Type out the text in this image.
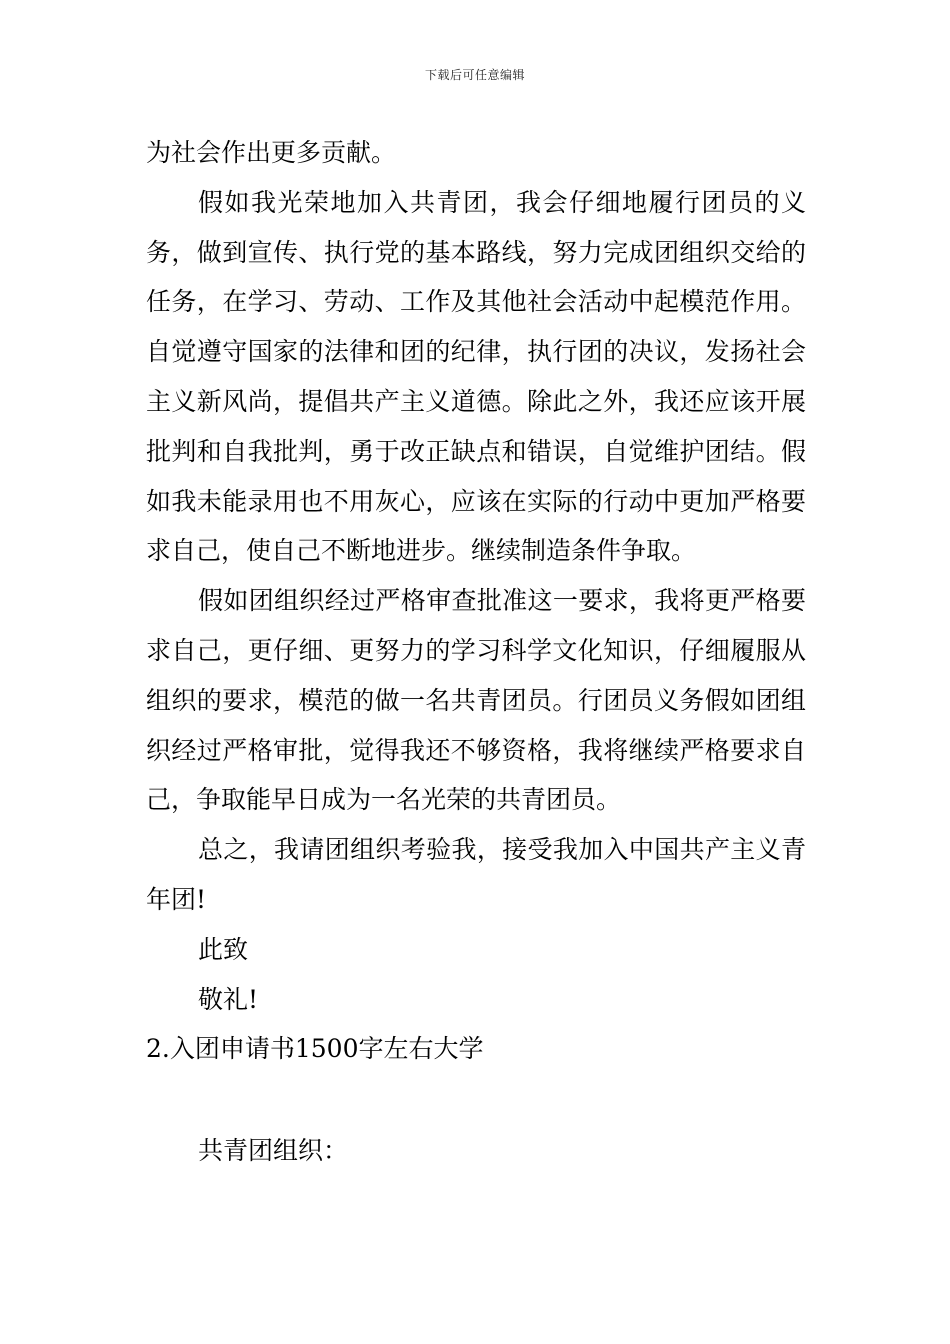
下载后可任意编辑

为社会作出更多贡献。

假如我光荣地加入共青团，我会仔细地履行团员的义务，做到宣传、执行党的基本路线，努力完成团组织交给的任务，在学习、劳动、工作及其他社会活动中起模范作用。自觉遵守国家的法律和团的纪律，执行团的决议，发扬社会主义新风尚，提倡共产主义道德。除此之外，我还应该开展批判和自我批判，勇于改正缺点和错误，自觉维护团结。假如我未能录用也不用灰心，应该在实际的行动中更加严格要求自己，使自己不断地进步。继续制造条件争取。

假如团组织经过严格审查批准这一要求，我将更严格要求自己，更仔细、更努力的学习科学文化知识，仔细履服从组织的要求，模范的做一名共青团员。行团员义务假如团组织经过严格审批，觉得我还不够资格，我将继续严格要求自己，争取能早日成为一名光荣的共青团员。

总之，我请团组织考验我，接受我加入中国共产主义青年团!

此致

敬礼!

2.入团申请书1500字左右大学

共青团组织：
